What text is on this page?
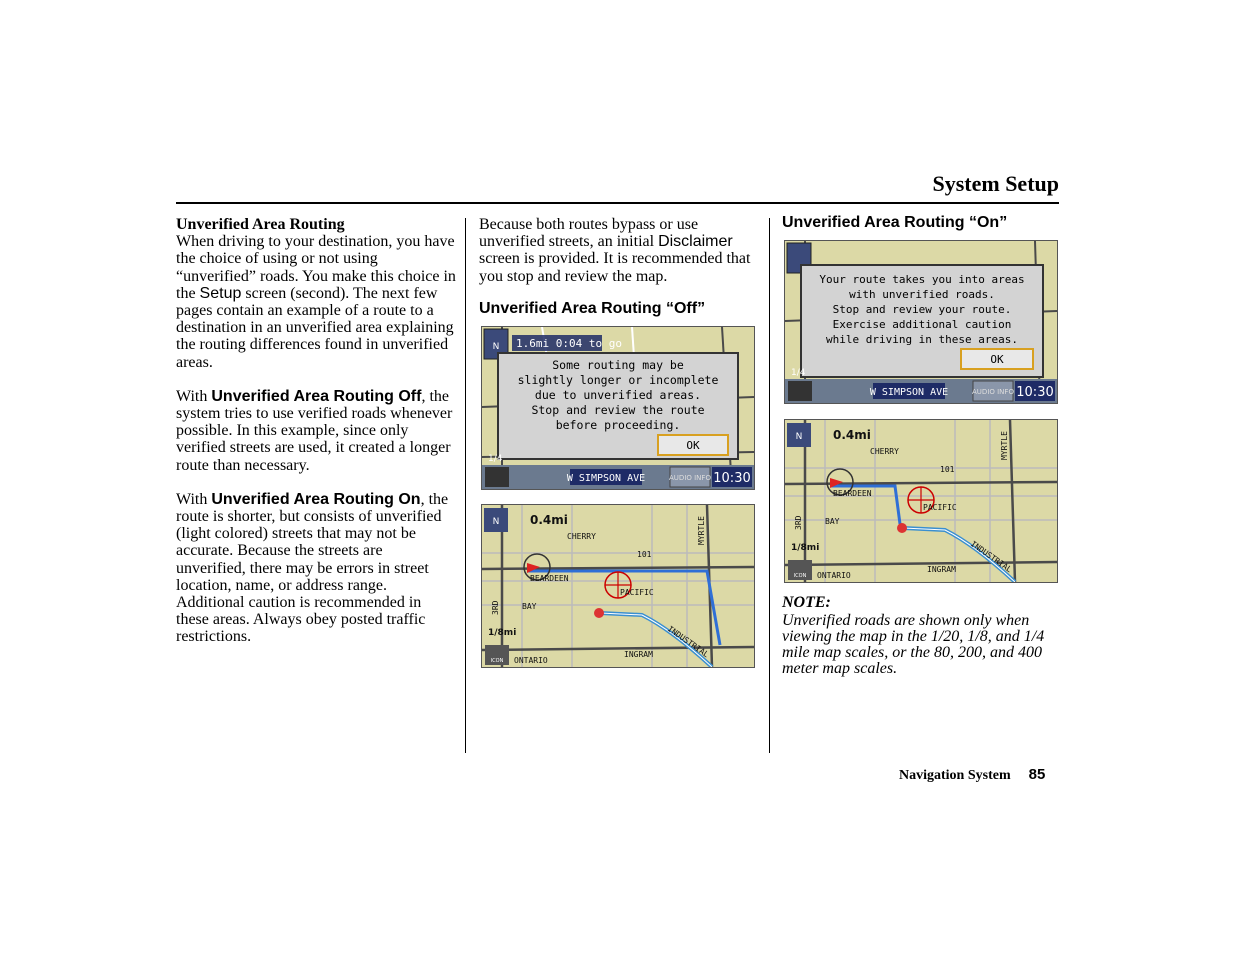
System Setup

Unverified Area Routing

When driving to your destination, you have the choice of using or not using “unverified” roads. You make this choice in the Setup screen (second). The next few pages contain an example of a route to a destination in an unverified area explaining the routing differences found in unverified areas.

With Unverified Area Routing Off, the system tries to use verified roads whenever possible. In this example, since only verified streets are used, it created a longer route than necessary.

With Unverified Area Routing On, the route is shorter, but consists of unverified (light colored) streets that may not be accurate. Because the streets are unverified, there may be errors in street location, name, or address range. Additional caution is recommended in these areas. Always obey posted traffic restrictions.

Because both routes bypass or use unverified streets, an initial Disclaimer screen is provided. It is recommended that you stop and review the map.

Unverified Area Routing “Off”
N 1.6mi 0:04 to go
Some routing may be
slightly longer or incomplete
due to unverified areas.
Stop and review the route
before proceeding.
OK
1/4
W SIMPSON AVE	AUDIO INFO 10:30
N	0.4mi
CHERRY
BEARDEEN
PACIFIC
BAY
ONTARIO
INGRAM INDUSTRIAL
MYRTLE
3RD
101
1/8mi
ICON
Unverified Area Routing “On”
Your route takes you into areas
with unverified roads.
Stop and review your route.
Exercise additional caution
while driving in these areas.
OK
1/4
W SIMPSON AVE	AUDIO INFO 10:30
N	0.4mi
CHERRY
BEARDEEN
PACIFIC
BAY
ONTARIO
INGRAM INDUSTRIAL
MYRTLE
3RD
101
1/8mi
ICON
NOTE:
Unverified roads are shown only when viewing the map in the 1/20, 1/8, and 1/4 mile map scales, or the 80, 200, and 400 meter map scales.
Navigation System 85
